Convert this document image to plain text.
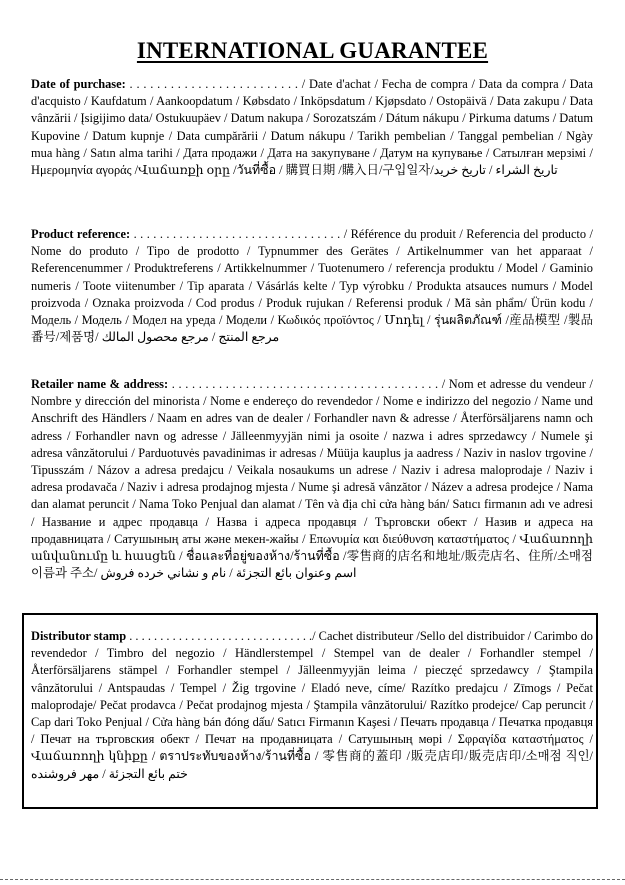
INTERNATIONAL GUARANTEE

Date of purchase: . . . . . . . . . . . . . . . . . . . . . . . . . / Date d'achat / Fecha de compra / Data da compra / Data d'acquisto / Kaufdatum / Aankoopdatum / Købsdato / Inköpsdatum / Kjøpsdato / Ostopäivä / Data zakupu / Data vânzării / Įsigijimo data/ Ostukuupäev / Datum nakupa / Sorozatszám / Dátum nákupu / Pirkuma datums / Datum Kupovine / Datum kupnje / Data cumpărării / Datum nákupu / Tarikh pembelian / Tanggal pembelian / Ngày mua hàng / Satın alma tarihi / Дата продажи / Дата на закупуване / Датум на купување / Сатылған мерзімі / Ημερομηνία αγοράς /Վաճառքի օրը /วันที่ซื้อ / 購買日期 /購入日/구입일자/تاريخ الشراء / تاريخ خريد

Product reference: . . . . . . . . . . . . . . . . . . . . . . . . . . . . . . . . / Référence du produit / Referencia del producto / Nome do produto / Tipo de prodotto / Typnummer des Gerätes / Artikelnummer van het apparaat / Referencenummer / Produktreferens / Artikkelnummer / Tuotenumero / referencja produktu / Model / Gaminio numeris / Toote viitenumber / Tip aparata / Vásárlás kelte / Typ výrobku / Produkta atsauces numurs / Model proizvoda / Oznaka proizvoda / Cod produs / Produk rujukan / Referensi produk / Mã sản phẩm/ Ürün kodu / Модель / Модель / Модел на уреда / Модели / Κωδικός προϊόντος / Մոդել / รุ่นผลิตภัณฑ์ /産品模型 /製品番号/제품명/ مرجع المنتج / مرجع محصول المالك

Retailer name & address: . . . . . . . . . . . . . . . . . . . . . . . . . . . . . . . . . . . . . . . . / Nom et adresse du vendeur / Nombre y dirección del minorista / Nome e endereço do revendedor / Nome e indirizzo del negozio / Name und Anschrift des Händlers / Naam en adres van de dealer / Forhandler navn & adresse / Återförsäljarens namn och adress / Forhandler navn og adresse / Jälleenmyyjän nimi ja osoite / nazwa i adres sprzedawcy / Numele şi adresa vânzătorului / Parduotuvės pavadinimas ir adresas / Müüja kauplus ja aadress / Naziv in naslov trgovine / Tipusszám / Názov a adresa predajcu / Veikala nosaukums un adrese / Naziv i adresa maloprodaje / Naziv i adresa prodavača / Naziv i adresa prodajnog mjesta / Nume şi adresă vânzător / Název a adresa prodejce / Nama dan alamat peruncit / Nama Toko Penjual dan alamat / Tên và địa chỉ cửa hàng bán/ Satıcı firmanın adı ve adresi / Название и адрес продавца / Назва і адреса продавця / Търговски обект / Назив и адреса на продавницата / Сатушының аты және мекен-жайы / Επωνυμία και διεύθυνση καταστήματος / Վաճառողի անվանումը և հասցեն / ชื่อและที่อยู่ของห้าง/ร้านที่ซื้อ /零售商的店名和地址/販売店名、住所/소매점 이름과 주소/ اسم وعنوان بائع التجزئة / نام و نشاني خرده فروش

Distributor stamp . . . . . . . . . . . . . . . . . . . . . . . . . . . . . ./ Cachet distributeur /Sello del distribuidor / Carimbo do revendedor / Timbro del negozio / Händlerstempel / Stempel van de dealer / Forhandler stempel / Återförsäljarens stämpel / Forhandler stempel / Jälleenmyyjän leima / pieczęć sprzedawcy / Ştampila vânzătorului / Antspaudas / Tempel / Žig trgovine / Eladó neve, címe/ Razítko predajcu / Zīmogs / Pečat maloprodaje/ Pečat prodavca / Pečat prodajnog mjesta / Ştampila vânzătorului/ Razítko prodejce/ Cap peruncit / Cap dari Toko Penjual / Cửa hàng bán đóng dấu/ Satıcı Firmanın Kaşesi / Печать продавца / Печатка продавця / Печат на търговския обект / Печат на продавницата / Сатушының мөрі / Σφραγίδα καταστήματος / Վաճառողի կնիքը / ตราประทับของห้าง/ร้านที่ซื้อ / 零售商的蓋印 /販売店印/販売店印/소매점 직인/ ختم بائع التجزئة / مهر فروشنده
